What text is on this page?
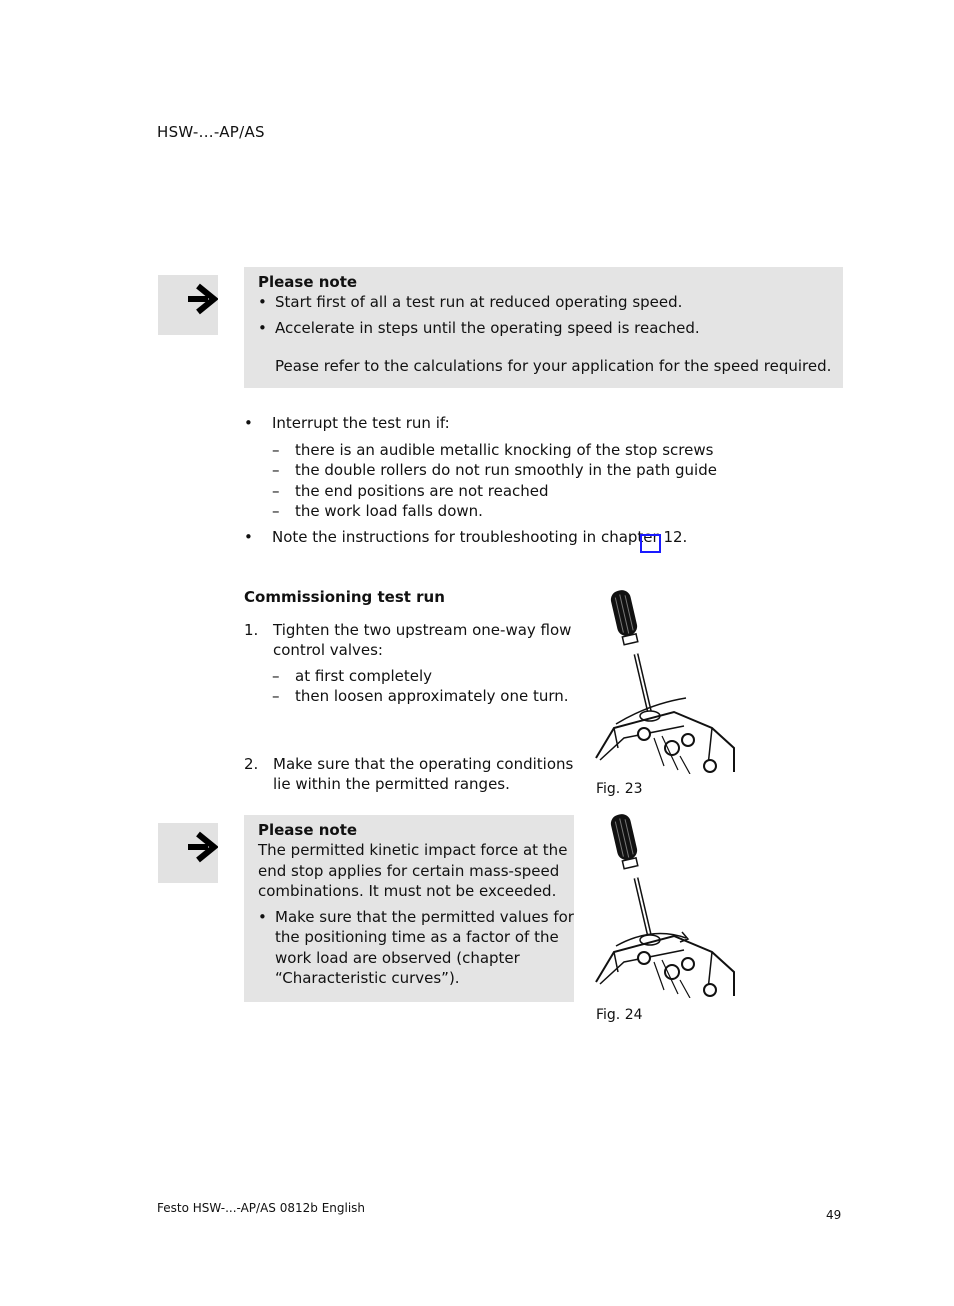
HSW-...-AP/AS
Please note
• Start first of all a test run at reduced operating speed.
• Accelerate in steps until the operating speed is reached.
Pease refer to the calculations for your application for the speed required.
• Interrupt the test run if:
– there is an audible metallic knocking of the stop screws
– the double rollers do not run smoothly in the path guide
– the end positions are not reached
– the work load falls down.
• Note the instructions for troubleshooting in chapter 12.
Commissioning test run
1. Tighten the two upstream one-way flow
control valves:
– at first completely
– then loosen approximately one turn.
2. Make sure that the operating conditions
lie within the permitted ranges.	Fig. 23
Please note
The permitted kinetic impact force at the
end stop applies for certain mass-speed
combinations. It must not be exceeded.
• Make sure that the permitted values for
the positioning time as a factor of the
work load are observed (chapter
“Characteristic curves”).
Fig. 24
Festo HSW-...-AP/AS 0812b English	49
